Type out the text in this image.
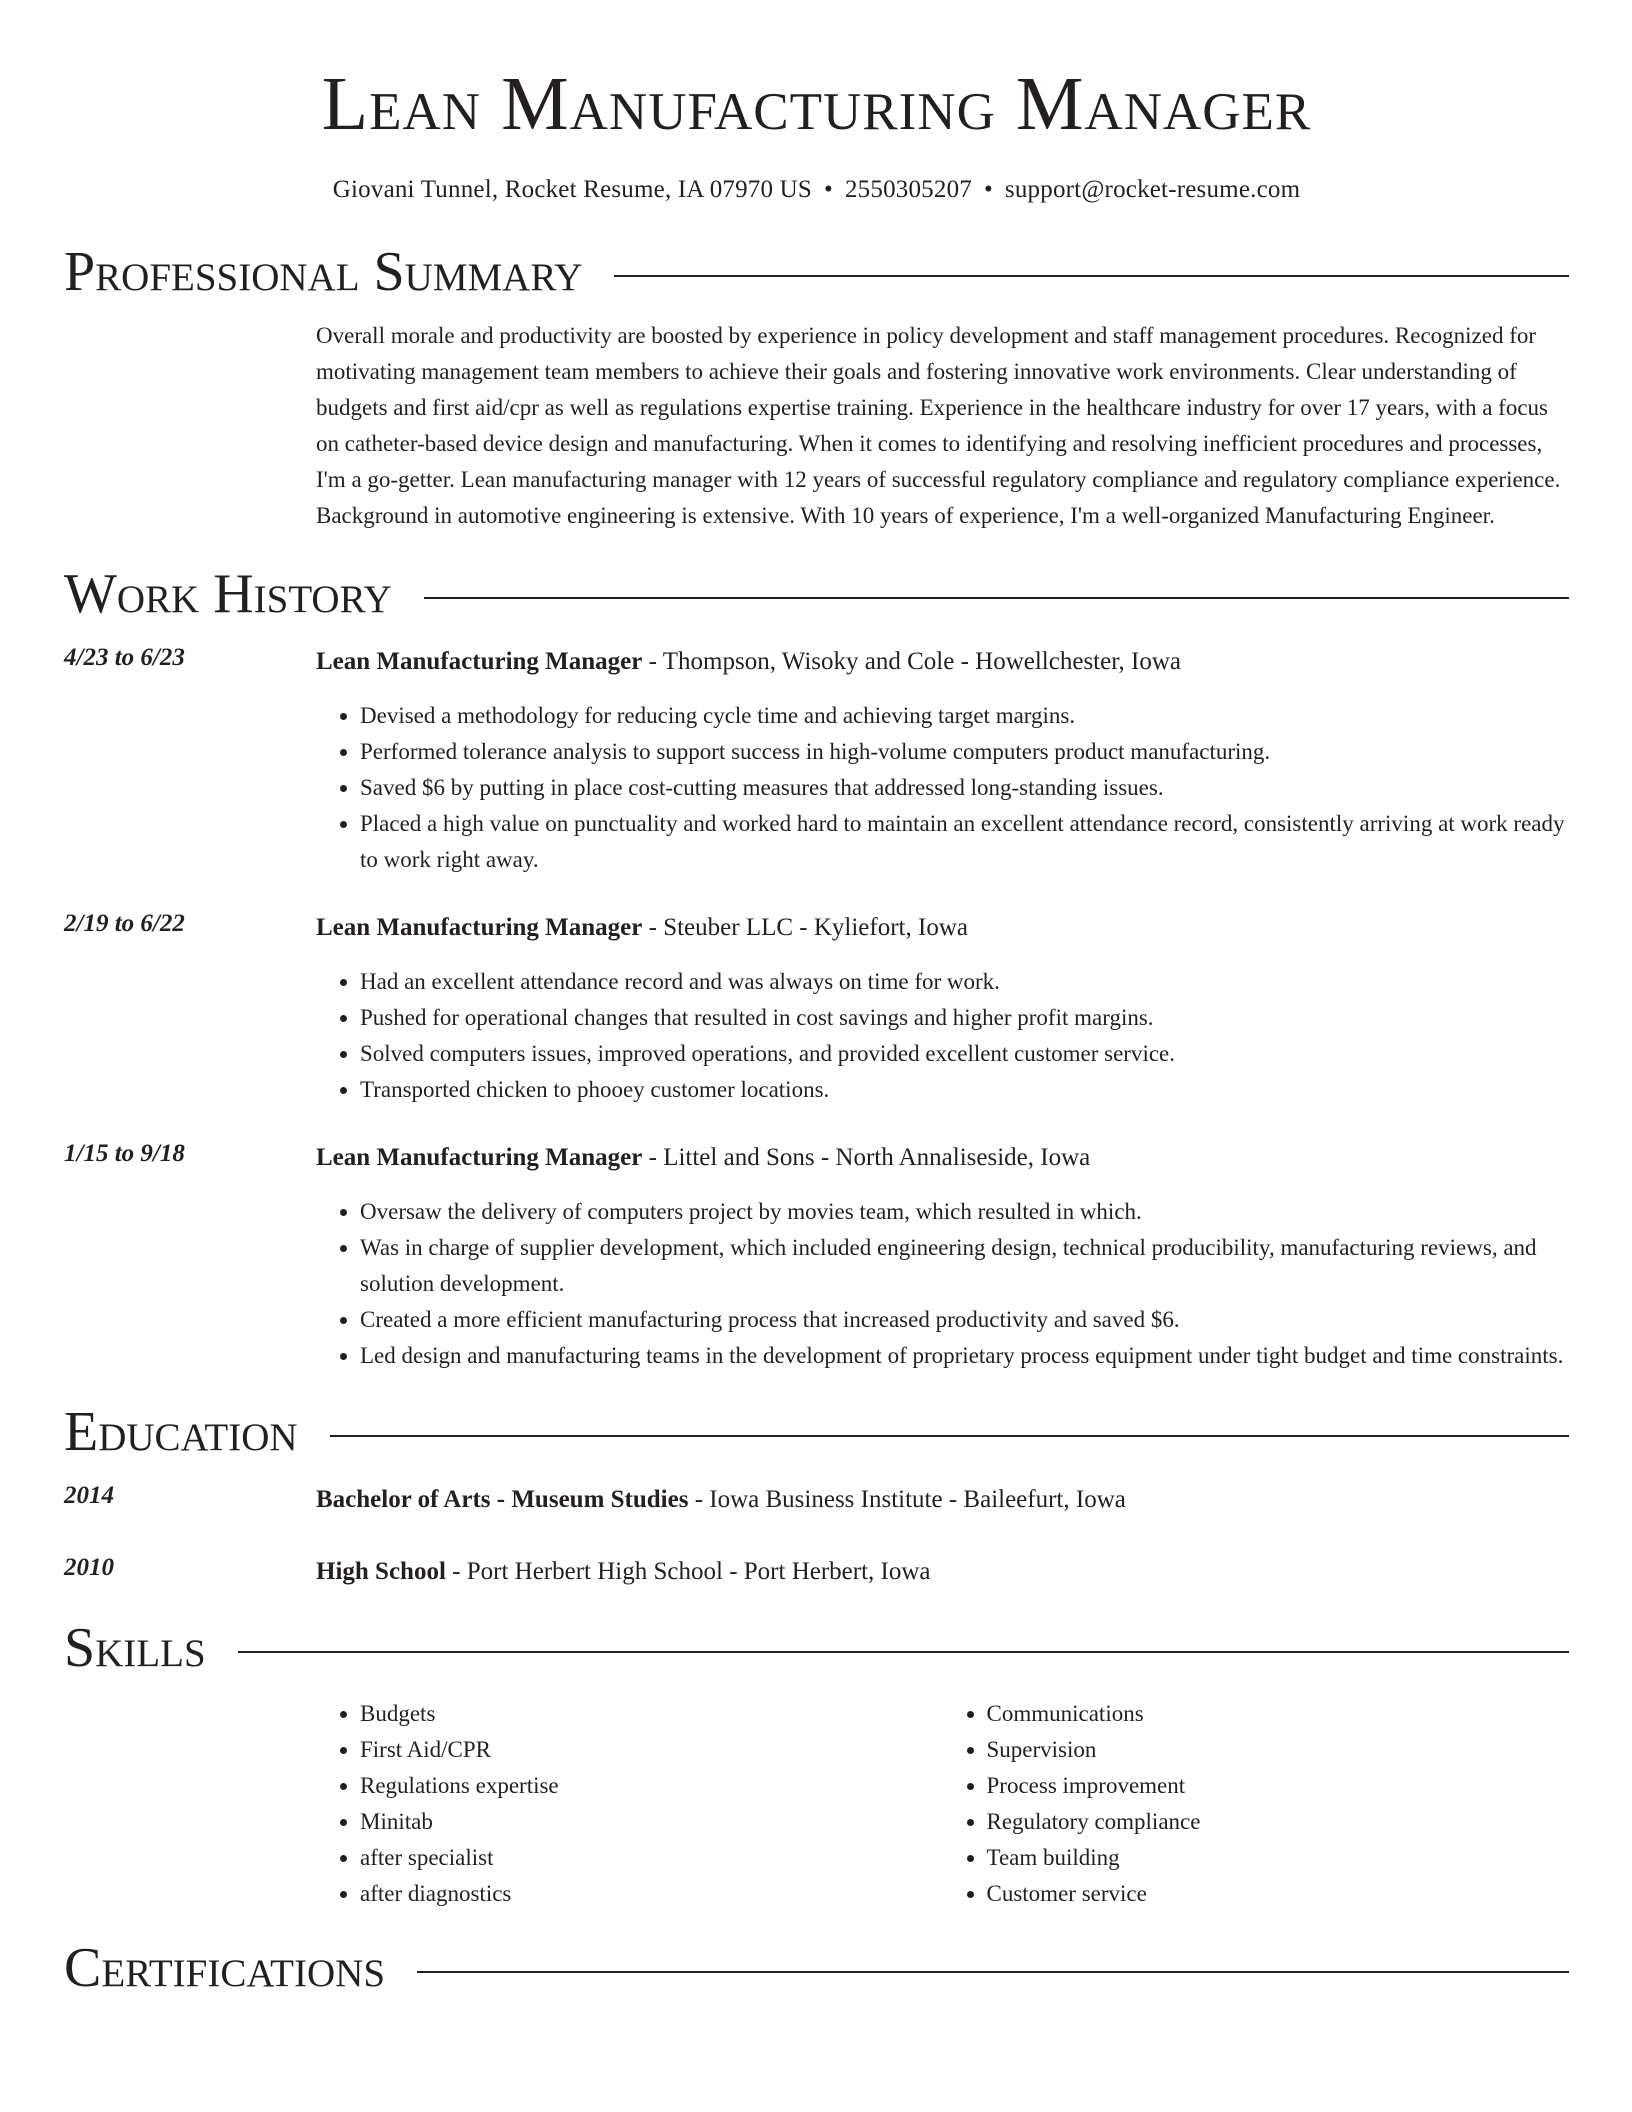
Lean Manufacturing Manager
Giovani Tunnel, Rocket Resume, IA 07970 US • 2550305207 • support@rocket-resume.com
Professional Summary

Overall morale and productivity are boosted by experience in policy development and staff management procedures. Recognized for motivating management team members to achieve their goals and fostering innovative work environments. Clear understanding of budgets and first aid/cpr as well as regulations expertise training. Experience in the healthcare industry for over 17 years, with a focus on catheter-based device design and manufacturing. When it comes to identifying and resolving inefficient procedures and processes, I'm a go-getter. Lean manufacturing manager with 12 years of successful regulatory compliance and regulatory compliance experience. Background in automotive engineering is extensive. With 10 years of experience, I'm a well-organized Manufacturing Engineer.

Work History
4/23 to 6/23	Lean Manufacturing Manager - Thompson, Wisoky and Cole - Howellchester, Iowa
• Devised a methodology for reducing cycle time and achieving target margins.
• Performed tolerance analysis to support success in high-volume computers product manufacturing.
• Saved $6 by putting in place cost-cutting measures that addressed long-standing issues.
• Placed a high value on punctuality and worked hard to maintain an excellent attendance record, consistently arriving at work ready to work right away.
2/19 to 6/22	Lean Manufacturing Manager - Steuber LLC - Kyliefort, Iowa
• Had an excellent attendance record and was always on time for work.
• Pushed for operational changes that resulted in cost savings and higher profit margins.
• Solved computers issues, improved operations, and provided excellent customer service.
• Transported chicken to phooey customer locations.
1/15 to 9/18	Lean Manufacturing Manager - Littel and Sons - North Annaliseside, Iowa
• Oversaw the delivery of computers project by movies team, which resulted in which.
• Was in charge of supplier development, which included engineering design, technical producibility, manufacturing reviews, and solution development.
• Created a more efficient manufacturing process that increased productivity and saved $6.
• Led design and manufacturing teams in the development of proprietary process equipment under tight budget and time constraints.
Education
2014	Bachelor of Arts - Museum Studies - Iowa Business Institute - Baileefurt, Iowa
2010	High School - Port Herbert High School - Port Herbert, Iowa
Skills
• Budgets
• First Aid/CPR
• Regulations expertise
• Minitab
• after specialist
• after diagnostics
• Communications
• Supervision
• Process improvement
• Regulatory compliance
• Team building
• Customer service
Certifications
